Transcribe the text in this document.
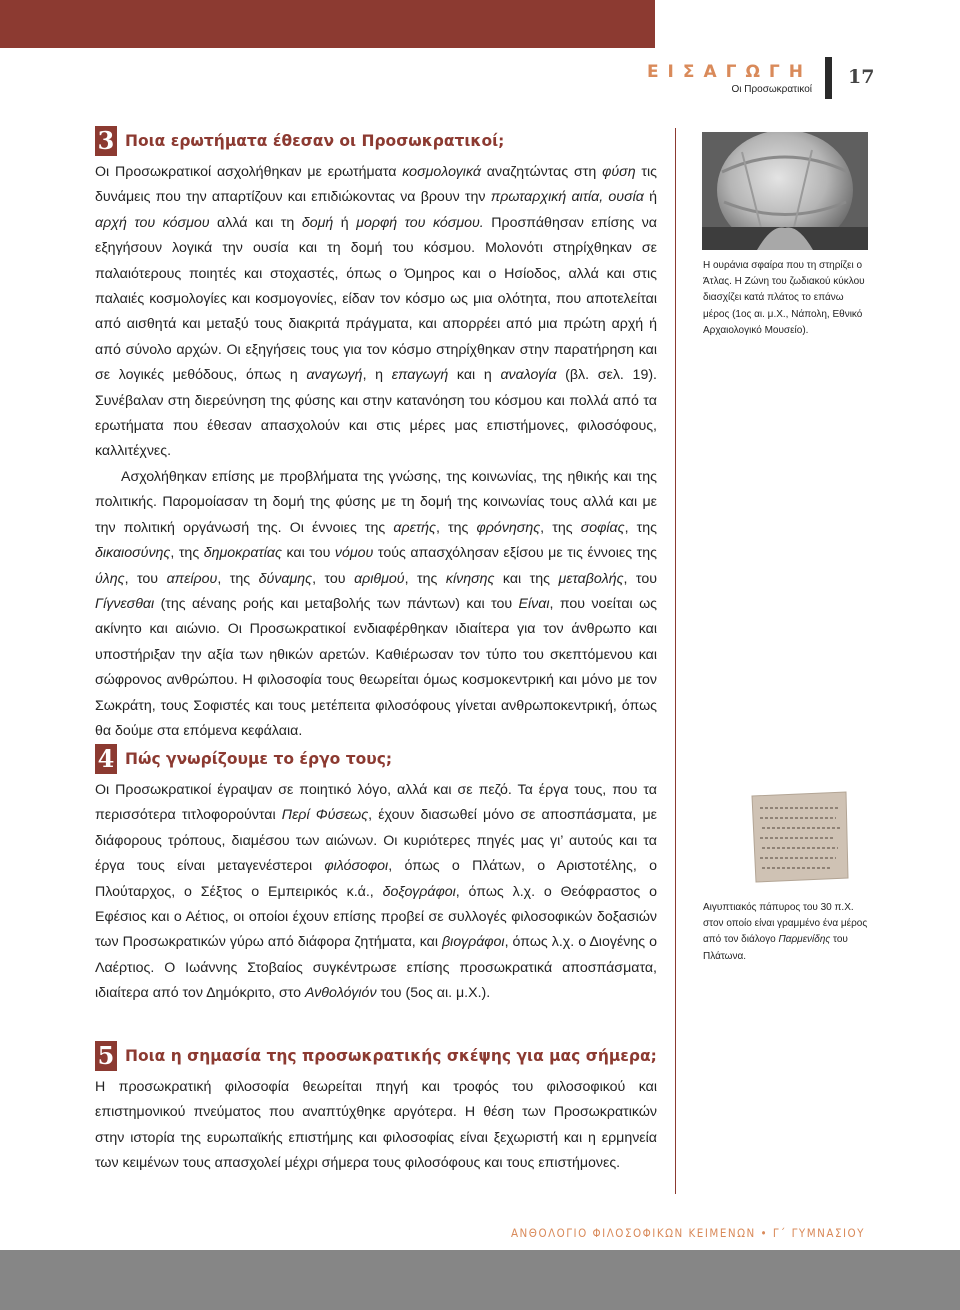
ΕΙΣΑΓΩΓΗ
Οι Προσωκρατικοί
17
3 Ποια ερωτήματα έθεσαν οι Προσωκρατικοί;

Οι Προσωκρατικοί ασχολήθηκαν με ερωτήματα κοσμολογικά αναζητώντας στη φύση τις δυνάμεις που την απαρτίζουν και επιδιώκοντας να βρουν την πρωταρχική αιτία, ουσία ή αρχή του κόσμου αλλά και τη δομή ή μορφή του κόσμου. Προσπάθησαν επίσης να εξηγήσουν λογικά την ουσία και τη δομή του κόσμου. Μολονότι στηρίχθηκαν σε παλαιότερους ποιητές και στοχαστές, όπως ο Όμηρος και ο Ησίοδος, αλλά και στις παλαιές κοσμολογίες και κοσμογονίες, είδαν τον κόσμο ως μια ολότητα, που αποτελείται από αισθητά και μεταξύ τους διακριτά πράγματα, και απορρέει από μια πρώτη αρχή ή από σύνολο αρχών. Οι εξηγήσεις τους για τον κόσμο στηρίχθηκαν στην παρατήρηση και σε λογικές μεθόδους, όπως η αναγωγή, η επαγωγή και η αναλογία (βλ. σελ. 19). Συνέβαλαν στη διερεύνηση της φύσης και στην κατανόηση του κόσμου και πολλά από τα ερωτήματα που έθεσαν απασχολούν και στις μέρες μας επιστήμονες, φιλοσόφους, καλλιτέχνες.

Ασχολήθηκαν επίσης με προβλήματα της γνώσης, της κοινωνίας, της ηθικής και της πολιτικής. Παρομοίασαν τη δομή της φύσης με τη δομή της κοινωνίας τους αλλά και με την πολιτική οργάνωσή της. Οι έννοιες της αρετής, της φρόνησης, της σοφίας, της δικαιοσύνης, της δημοκρατίας και του νόμου τούς απασχόλησαν εξίσου με τις έννοιες της ύλης, του απείρου, της δύναμης, του αριθμού, της κίνησης και της μεταβολής, του Γίγνεσθαι (της αέναης ροής και μεταβολής των πάντων) και του Είναι, που νοείται ως ακίνητο και αιώνιο. Οι Προσωκρατικοί ενδιαφέρθηκαν ιδιαίτερα για τον άνθρωπο και υποστήριξαν την αξία των ηθικών αρετών. Καθιέρωσαν τον τύπο του σκεπτόμενου και σώφρονος ανθρώπου. Η φιλοσοφία τους θεωρείται όμως κοσμοκεντρική και μόνο με τον Σωκράτη, τους Σοφιστές και τους μετέπειτα φιλοσόφους γίνεται ανθρωποκεντρική, όπως θα δούμε στα επόμενα κεφάλαια.

4 Πώς γνωρίζουμε το έργο τους;

Οι Προσωκρατικοί έγραψαν σε ποιητικό λόγο, αλλά και σε πεζό. Τα έργα τους, που τα περισσότερα τιτλοφορούνται Περί Φύσεως, έχουν διασωθεί μόνο σε αποσπάσματα, με διάφορους τρόπους, διαμέσου των αιώνων. Οι κυριότερες πηγές μας γι’ αυτούς και τα έργα τους είναι μεταγενέστεροι φιλόσοφοι, όπως ο Πλάτων, ο Αριστοτέλης, ο Πλούταρχος, ο Σέξτος ο Εμπειρικός κ.ά., δοξογράφοι, όπως λ.χ. ο Θεόφραστος ο Εφέσιος και ο Αέτιος, οι οποίοι έχουν επίσης προβεί σε συλλογές φιλοσοφικών δοξασιών των Προσωκρατικών γύρω από διάφορα ζητήματα, και βιογράφοι, όπως λ.χ. ο Διογένης ο Λαέρτιος. Ο Ιωάννης Στοβαίος συγκέντρωσε επίσης προσωκρατικά αποσπάσματα, ιδιαίτερα από τον Δημόκριτο, στο Ανθολόγιόν του (5ος αι. μ.Χ.).

5 Ποια η σημασία της προσωκρατικής σκέψης για μας σήμερα;

Η προσωκρατική φιλοσοφία θεωρείται πηγή και τροφός του φιλοσοφικού και επιστημονικού πνεύματος που αναπτύχθηκε αργότερα. Η θέση των Προσωκρατικών στην ιστορία της ευρωπαϊκής επιστήμης και φιλοσοφίας είναι ξεχωριστή και η ερμηνεία των κειμένων τους απασχολεί μέχρι σήμερα τους φιλοσόφους και τους επιστήμονες.

Η ουράνια σφαίρα που τη στηρίζει ο Άτλας. Η Ζώνη του ζωδιακού κύκλου διασχίζει κατά πλάτος το επάνω μέρος (1ος αι. μ.Χ., Νάπολη, Εθνικό Αρχαιολογικό Μουσείο).
Αιγυπτιακός πάπυρος του 30 π.Χ. στον οποίο είναι γραμμένο ένα μέρος από τον διάλογο Παρμενίδης του Πλάτωνα.
ΑΝΘΟΛΟΓΙΟ ΦΙΛΟΣΟΦΙΚΩΝ ΚΕΙΜΕΝΩΝ • Γ΄ ΓΥΜΝΑΣΙΟΥ
